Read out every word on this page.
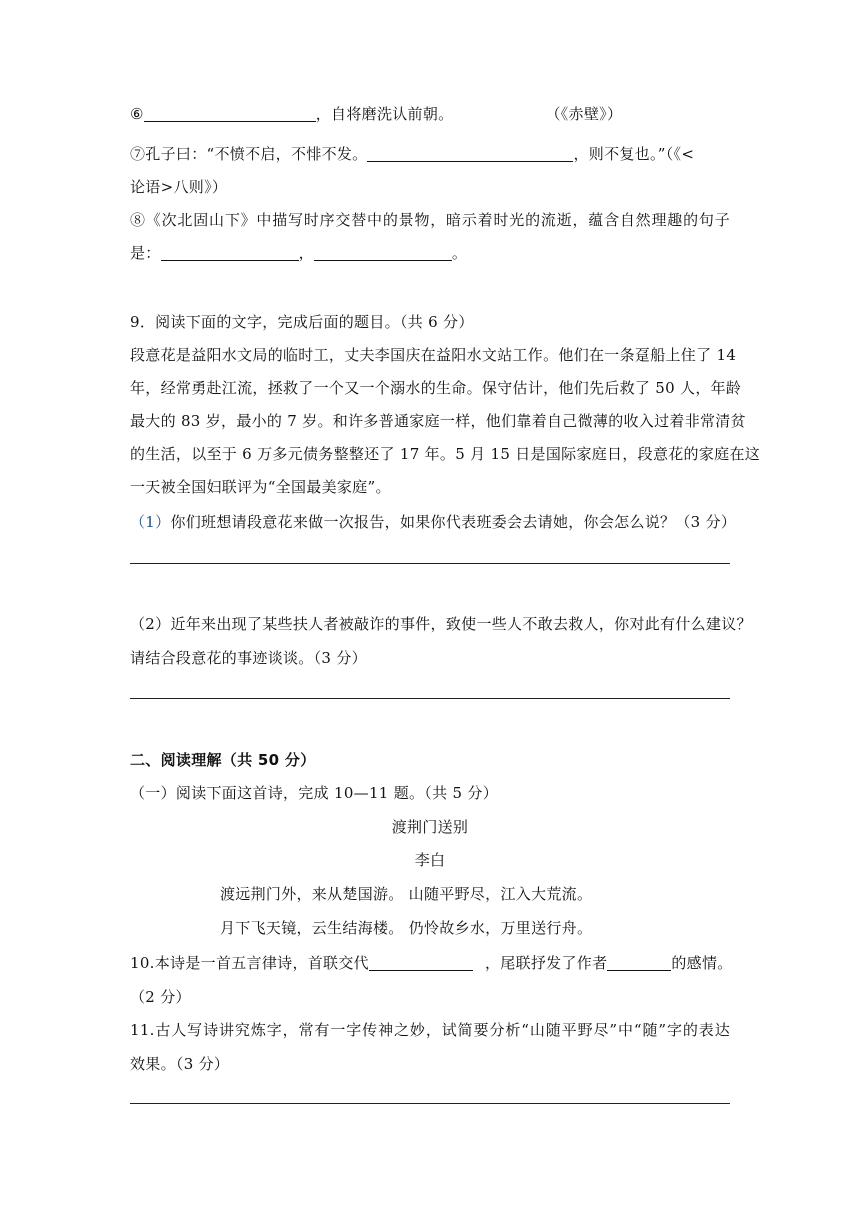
⑥	，自将磨洗认前朝。	（《赤壁》）
⑦孔子曰：“不愤不启，不悱不发。	，则不复也。”（《<
论语>八则》）
⑧《次北固山下》中描写时序交替中的景物，暗示着时光的流逝，蕴含自然理趣的句子
是：	，	。
9．阅读下面的文字，完成后面的题目。（共 6 分）
段意花是益阳水文局的临时工，丈夫李国庆在益阳水文站工作。他们在一条趸船上住了 14
年，经常勇赴江流，拯救了一个又一个溺水的生命。保守估计，他们先后救了 50 人，年龄
最大的 83 岁，最小的 7 岁。和许多普通家庭一样，他们靠着自己微薄的收入过着非常清贫
的生活，以至于 6 万多元债务整整还了 17 年。5 月 15 日是国际家庭日，段意花的家庭在这
一天被全国妇联评为“全国最美家庭”。
（1）你们班想请段意花来做一次报告，如果你代表班委会去请她，你会怎么说？（3 分）
（2）近年来出现了某些扶人者被敲诈的事件，致使一些人不敢去救人，你对此有什么建议？
请结合段意花的事迹谈谈。（3 分）
二、阅读理解（共 50 分）
（一）阅读下面这首诗，完成 10—11 题。（共 5 分）
渡荆门送别
李白
渡远荆门外，来从楚国游。 山随平野尽，江入大荒流。
月下飞天镜，云生结海楼。 仍怜故乡水，万里送行舟。
10.本诗是一首五言律诗，首联交代	，尾联抒发了作者	的感情。
（2 分）
11.古人写诗讲究炼字，常有一字传神之妙，试简要分析“山随平野尽”中“随”字的表达
效果。（3 分）
